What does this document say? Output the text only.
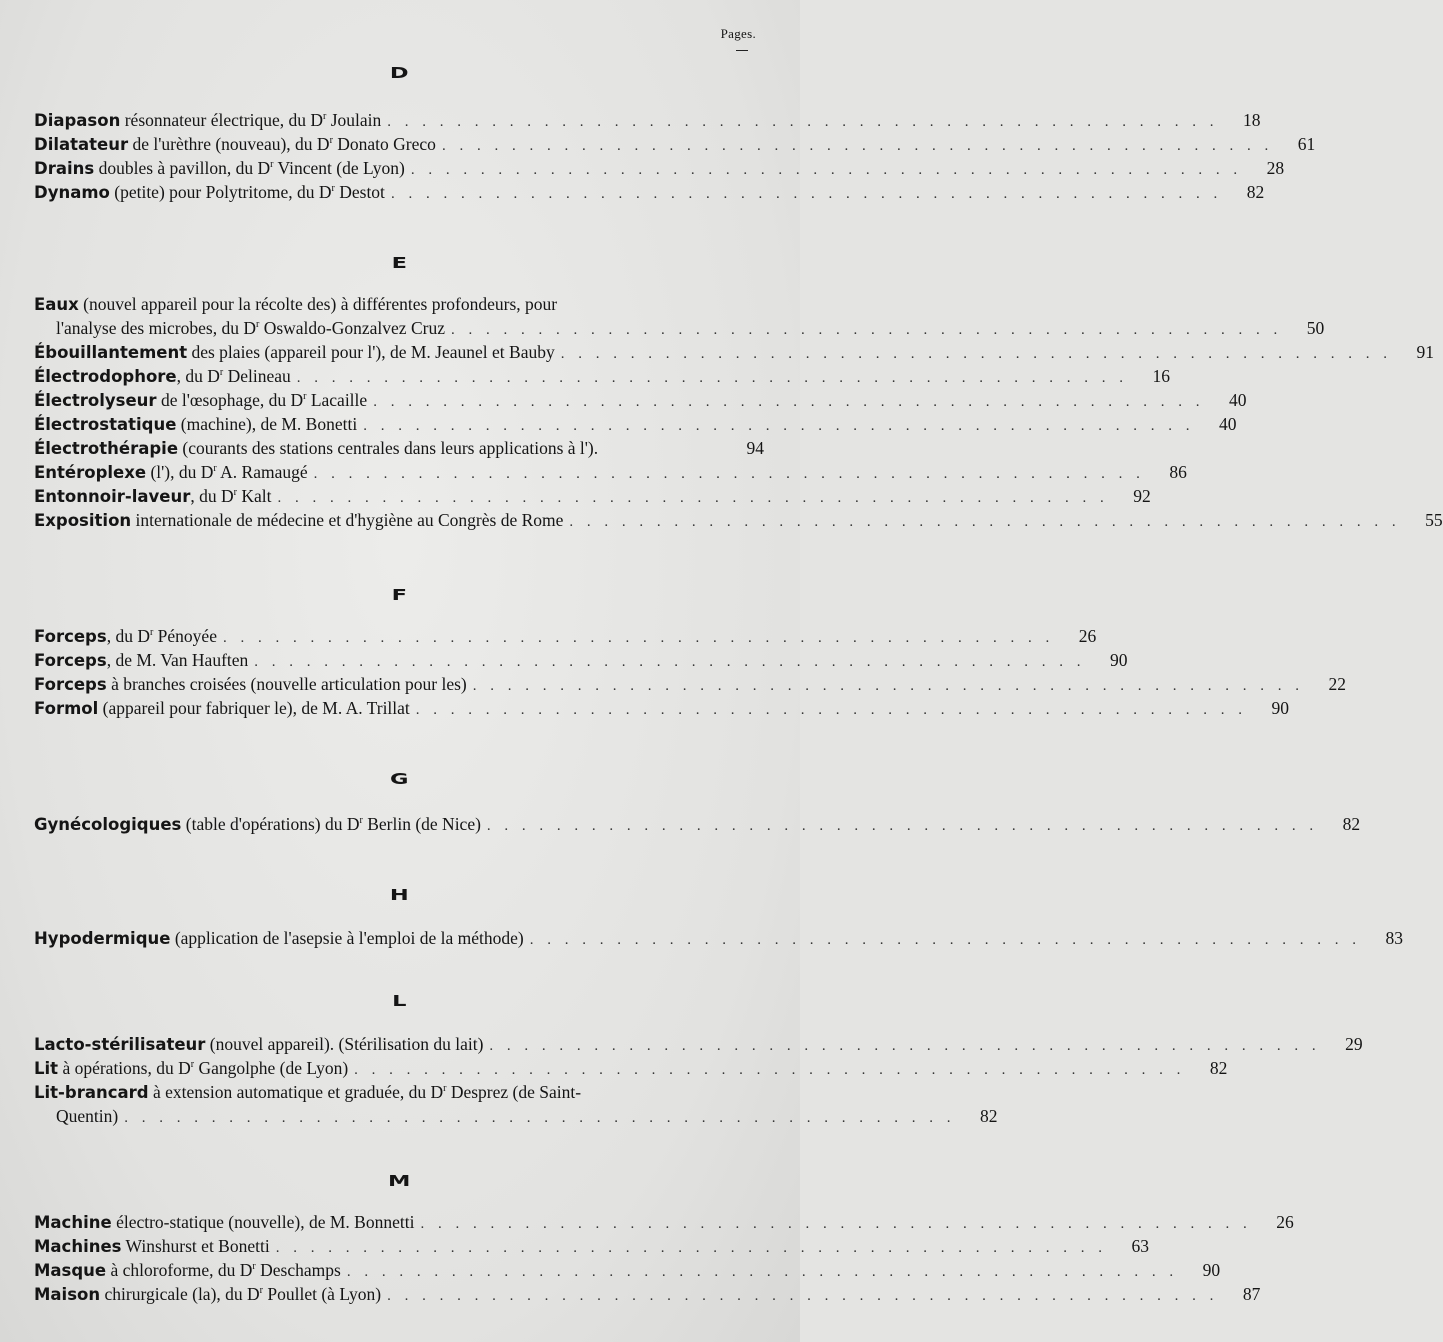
Pages.
D
Diapason résonnateur électrique, du $D^r$ Joulain . . . . . . . . . . . . . . . . . . . . . . . . . . . . . . . . . . . . . . . . . . . . . . . .	18
Dilatateur de l'urèthre (nouveau), du $D^r$ Donato Greco . . . . . . . . . . . . . . . . . . . . . . . . . . . . . . . . . . . . . . . . . . . . . . . .	61
Drains doubles à pavillon, du $D^r$ Vincent (de Lyon) . . . . . . . . . . . . . . . . . . . . . . . . . . . . . . . . . . . . . . . . . . . . . . . .	28
Dynamo (petite) pour Polytritome, du $D^r$ Destot . . . . . . . . . . . . . . . . . . . . . . . . . . . . . . . . . . . . . . . . . . . . . . . .	82
E
Eaux (nouvel appareil pour la récolte des) à différentes profondeurs, pour
l'analyse des microbes, du $D^r$ Oswaldo-Gonzalvez Cruz . . . . . . . . . . . . . . . . . . . . . . . . . . . . . . . . . . . . . . . . . . . . . . . .	50
Ébouillantement des plaies (appareil pour l'), de M. Jeaunel et Bauby . . . . . . . . . . . . . . . . . . . . . . . . . . . . . . . . . . . . . . . . . . . . . . . .	91
Électrodophore, du $D^r$ Delineau . . . . . . . . . . . . . . . . . . . . . . . . . . . . . . . . . . . . . . . . . . . . . . . .	16
Électrolyseur de l'œsophage, du $D^r$ Lacaille . . . . . . . . . . . . . . . . . . . . . . . . . . . . . . . . . . . . . . . . . . . . . . . .	40
Électrostatique (machine), de M. Bonetti . . . . . . . . . . . . . . . . . . . . . . . . . . . . . . . . . . . . . . . . . . . . . . . .	40
Électrothérapie (courants des stations centrales dans leurs applications à l').	94
Entéroplexe (l'), du $D^r$ A. Ramaugé . . . . . . . . . . . . . . . . . . . . . . . . . . . . . . . . . . . . . . . . . . . . . . . .	86
Entonnoir-laveur, du $D^r$ Kalt . . . . . . . . . . . . . . . . . . . . . . . . . . . . . . . . . . . . . . . . . . . . . . . .	92
Exposition internationale de médecine et d'hygiène au Congrès de Rome . . . . . . . . . . . . . . . . . . . . . . . . . . . . . . . . . . . . . . . . . . . . . . . .	55
F
Forceps, du $D^r$ Pénoyée . . . . . . . . . . . . . . . . . . . . . . . . . . . . . . . . . . . . . . . . . . . . . . . .	26
Forceps, de M. Van Hauften . . . . . . . . . . . . . . . . . . . . . . . . . . . . . . . . . . . . . . . . . . . . . . . .	90
Forceps à branches croisées (nouvelle articulation pour les) . . . . . . . . . . . . . . . . . . . . . . . . . . . . . . . . . . . . . . . . . . . . . . . .	22
Formol (appareil pour fabriquer le), de M. A. Trillat . . . . . . . . . . . . . . . . . . . . . . . . . . . . . . . . . . . . . . . . . . . . . . . .	90
G
Gynécologiques (table d'opérations) du $D^r$ Berlin (de Nice) . . . . . . . . . . . . . . . . . . . . . . . . . . . . . . . . . . . . . . . . . . . . . . . .	82
H
Hypodermique (application de l'asepsie à l'emploi de la méthode) . . . . . . . . . . . . . . . . . . . . . . . . . . . . . . . . . . . . . . . . . . . . . . . .	83
L
Lacto-stérilisateur (nouvel appareil). (Stérilisation du lait) . . . . . . . . . . . . . . . . . . . . . . . . . . . . . . . . . . . . . . . . . . . . . . . .	29
Lit à opérations, du $D^r$ Gangolphe (de Lyon) . . . . . . . . . . . . . . . . . . . . . . . . . . . . . . . . . . . . . . . . . . . . . . . .	82
Lit-brancard à extension automatique et graduée, du $D^r$ Desprez (de Saint-
Quentin) . . . . . . . . . . . . . . . . . . . . . . . . . . . . . . . . . . . . . . . . . . . . . . . .	82
M
Machine électro-statique (nouvelle), de M. Bonnetti . . . . . . . . . . . . . . . . . . . . . . . . . . . . . . . . . . . . . . . . . . . . . . . .	26
Machines Winshurst et Bonetti . . . . . . . . . . . . . . . . . . . . . . . . . . . . . . . . . . . . . . . . . . . . . . . .	63
Masque à chloroforme, du $D^r$ Deschamps . . . . . . . . . . . . . . . . . . . . . . . . . . . . . . . . . . . . . . . . . . . . . . . .	90
Maison chirurgicale (la), du $D^r$ Poullet (à Lyon) . . . . . . . . . . . . . . . . . . . . . . . . . . . . . . . . . . . . . . . . . . . . . . . .	87
